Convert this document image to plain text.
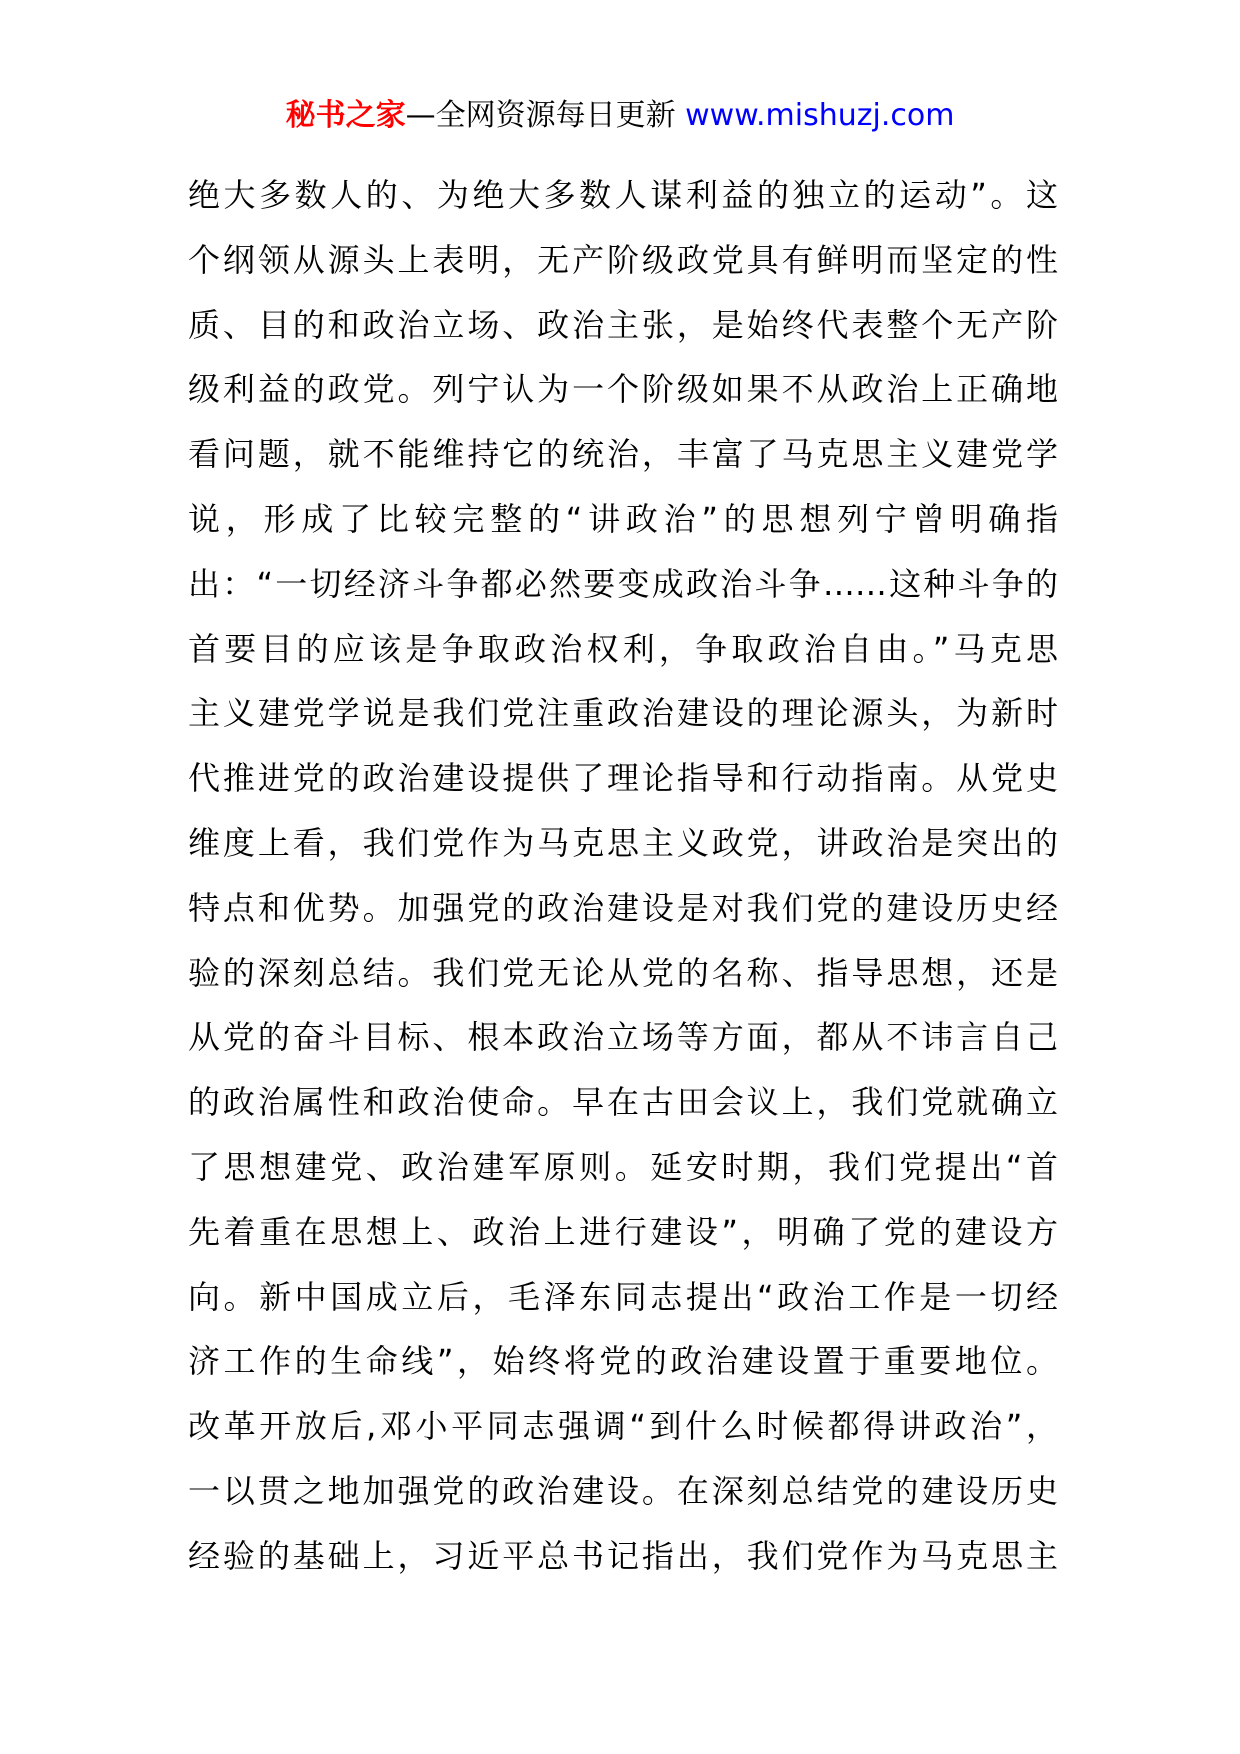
秘书之家—全网资源每日更新 www.mishuzj.com
绝大多数人的、为绝大多数人谋利益的独立的运动”。这
个纲领从源头上表明，无产阶级政党具有鲜明而坚定的性
质、目的和政治立场、政治主张，是始终代表整个无产阶
级利益的政党。列宁认为一个阶级如果不从政治上正确地
看问题，就不能维持它的统治，丰富了马克思主义建党学
说，形成了比较完整的“讲政治”的思想列宁曾明确指
出：“一切经济斗争都必然要变成政治斗争……这种斗争的
首要目的应该是争取政治权利，争取政治自由。”马克思
主义建党学说是我们党注重政治建设的理论源头，为新时
代推进党的政治建设提供了理论指导和行动指南。从党史
维度上看，我们党作为马克思主义政党，讲政治是突出的
特点和优势。加强党的政治建设是对我们党的建设历史经
验的深刻总结。我们党无论从党的名称、指导思想，还是
从党的奋斗目标、根本政治立场等方面，都从不讳言自己
的政治属性和政治使命。早在古田会议上，我们党就确立
了思想建党、政治建军原则。延安时期，我们党提出“首
先着重在思想上、政治上进行建设”，明确了党的建设方
向。新中国成立后，毛泽东同志提出“政治工作是一切经
济工作的生命线”，始终将党的政治建设置于重要地位。
改革开放后,邓小平同志强调“到什么时候都得讲政治”，
一以贯之地加强党的政治建设。在深刻总结党的建设历史
经验的基础上，习近平总书记指出，我们党作为马克思主
